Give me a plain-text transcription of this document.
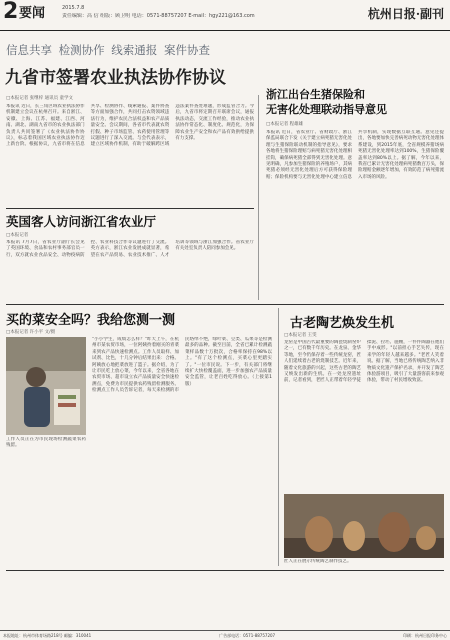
2 要闻	2015.7.8
责任编辑：高 信 组版：顾卫明 电话：0571-88757207 E-mail：hgy221@163.com	杭州日报·副刊
信息共享 检测协作 线索通报 案件协查
九省市签署农业执法协作协议
□本报记者 张继梓 通讯员 童学文
本报讯 近日，长三角区域农业执法协作机制建立会议在杭州召开。来自浙江、安徽、上海、江苏、福建、江西、河南、湖北、湖南九省市的农业执法部门负责人共同签署了《农业执法协作协议》，标志着我国区域农业执法协作迈上新台阶。根据协议，九省市将在信息共享、检测协作、线索通报、案件协查等方面加强合作，共同打击农资领域违法行为，维护农民合法权益和农产品质量安全。会议期间，各省市代表就农资打假、种子市场监管、农药使用管理等议题进行了深入交流。与会代表表示，建立区域协作机制，有助于破解跨区域违法案件查处难题，形成监管合力。今后，九省市将定期召开联席会议，通报执法动态，交流工作经验，推动农业执法协作常态化、制度化、规范化，为保障农业生产安全和农产品有效供给提供有力支撑。
浙江出台生猪保险和
无害化处理联动指导意见
□本报记者 程雄雄
本报讯 近日，省农业厅、省财政厅、浙江保监局联合下发《关于建立病死猪无害化处理与生猪保险联动机制的指导意见》，要求各地将生猪保险理赔与病死猪无害化处理相挂钩，确保病死猪全部得到无害化处理。意见明确，凡参加生猪保险的养殖场户，其病死猪必须经无害化处理后方可获得保险理赔；保险机构要与无害化处理中心建立信息共享机制，实现数据互联互通。意见还提出，各地要加快完善病死动物无害化处理体系建设，到2015年底，全省规模养猪场病死猪无害化处理率达到100%，生猪保险覆盖率达到80%以上。据了解，今年以来，我省已累计无害化处理病死猪数百万头，保险理赔金额逐年增加，有效防范了病死猪流入市场的风险。
英国客人访问浙江省农业厅
□本报记者
本报讯 7月7日，省农业厅副厅长会见了英国环境、食品和农村事务部官员一行，双方就农业食品安全、动物疫病防控、农业科技合作等议题进行了交流。英方表示，浙江农业发展成就显著，希望在农产品贸易、农业技术推广、人才培训等领域与浙江加强合作。省农业厅有关处室负责人陪同参加会见。
买的菜安全吗？我给您测一测
□本报记者 许小平 文/摄
工作人员正在为市民现场检测蔬菜农药残留。
"小小学生，成绩怎么样？"昨天上午，在杭州市某农贸市场，一位阿姨拎着刚买的青菜来到农产品快速检测点。工作人员取样、加试剂、比色，十几分钟后结果出来：合格。阿姨放心地把菜放进了篮子。据介绍，为了让市民吃上放心菜，今年以来，全省各地在农贸市场、超市设立农产品质量安全快速检测点，免费为市民提供农药残留检测服务。检测点工作人员告诉记者，每天来检测的市民络绎不绝，绿叶菜、豆类、瓜果等是检测最多的品种。截至目前，全省已累计检测蔬菜样品数十万批次，合格率保持在98%以上。"有了这个检测点，买菜心里更踏实了。"一位市民说。下一步，有关部门将继续扩大快检覆盖面，进一步加强农产品质量安全监管，让老百姓吃得放心。（上接第1版）
古老陶艺焕发生机
□本报记者 王雯
龙窑是中国古代最重要的陶瓷烧制窑炉之一，已有数千年历史。在龙泉、金华等地，至今仍保存着一些传统龙窑，匠人们延续着古老的烧制技艺。近年来，随着文化旅游的兴起，这些古老的陶艺又焕发出新的生机。在一处龙窑遗址前，记者看到，老匠人正带着年轻学徒揉泥、拉坯、施釉，一件件陶器在他们手中成形。"以前担心手艺失传，现在来学的年轻人越来越多。"老匠人笑着说。据了解，当地已将传统陶艺纳入非物质文化遗产保护名录，并开发了陶艺体验游项目，吸引了大量游客前来参观体验，带动了村民增收致富。
匠人正在展示传统陶艺制作技艺。
本报地址：杭州市体育场路218号 邮编：310041	广告部电话：0571-88757207	印刷：杭州日报印务中心
